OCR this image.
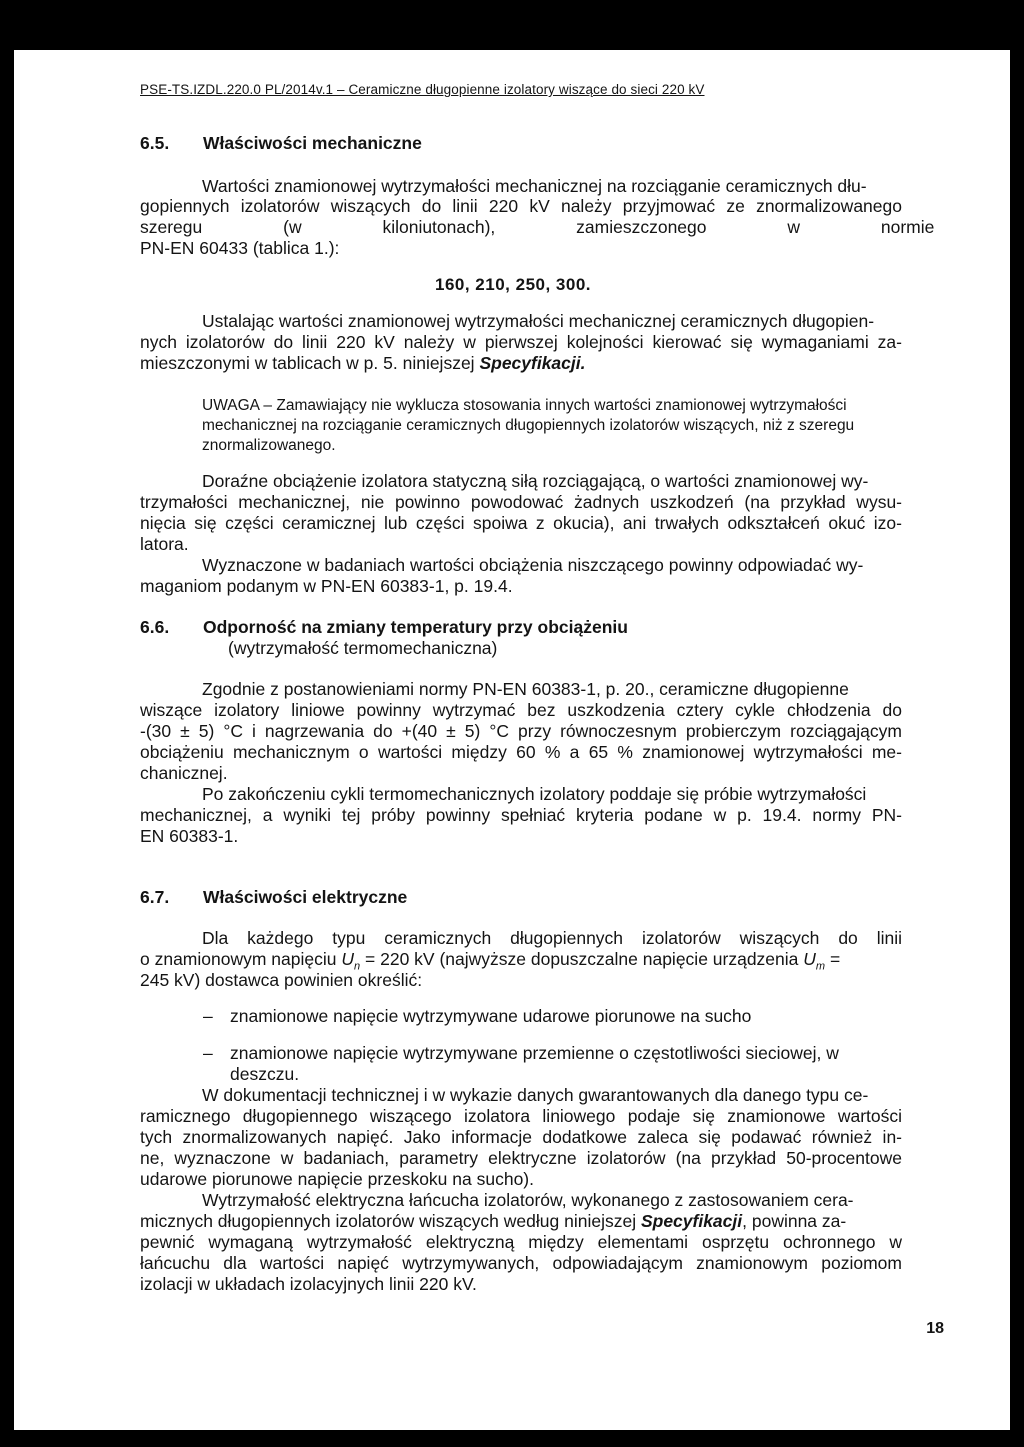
PSE-TS.IZDL.220.0 PL/2014v.1 – Ceramiczne długopienne izolatory wiszące do sieci 220 kV
6.5. Właściwości mechaniczne
Wartości znamionowej wytrzymałości mechanicznej na rozciąganie ceramicznych dłu-
gopiennych izolatorów wiszących do linii 220 kV należy przyjmować ze znormalizowanego
szeregu (w kiloniutonach), zamieszczonego w normie
PN-EN 60433 (tablica 1.):
160, 210, 250, 300.
Ustalając wartości znamionowej wytrzymałości mechanicznej ceramicznych długopien-
nych izolatorów do linii 220 kV należy w pierwszej kolejności kierować się wymaganiami za-
mieszczonymi w tablicach w p. 5. niniejszej Specyfikacji.
UWAGA – Zamawiający nie wyklucza stosowania innych wartości znamionowej wytrzymałości
mechanicznej na rozciąganie ceramicznych długopiennych izolatorów wiszących, niż z szeregu
znormalizowanego.
Doraźne obciążenie izolatora statyczną siłą rozciągającą, o wartości znamionowej wy-
trzymałości mechanicznej, nie powinno powodować żadnych uszkodzeń (na przykład wysu-
nięcia się części ceramicznej lub części spoiwa z okucia), ani trwałych odkształceń okuć izo-
latora.
Wyznaczone w badaniach wartości obciążenia niszczącego powinny odpowiadać wy-
maganiom podanym w PN-EN 60383-1, p. 19.4.
6.6. Odporność na zmiany temperatury przy obciążeniu
(wytrzymałość termomechaniczna)
Zgodnie z postanowieniami normy PN-EN 60383-1, p. 20., ceramiczne długopienne
wiszące izolatory liniowe powinny wytrzymać bez uszkodzenia cztery cykle chłodzenia do
-(30 ± 5) °C i nagrzewania do +(40 ± 5) °C przy równoczesnym probierczym rozciągającym
obciążeniu mechanicznym o wartości między 60 % a 65 % znamionowej wytrzymałości me-
chanicznej.
Po zakończeniu cykli termomechanicznych izolatory poddaje się próbie wytrzymałości
mechanicznej, a wyniki tej próby powinny spełniać kryteria podane w p. 19.4. normy PN-
EN 60383-1.
6.7. Właściwości elektryczne
Dla każdego typu ceramicznych długopiennych izolatorów wiszących do linii
o znamionowym napięciu $U_n = 220$ kV (najwyższe dopuszczalne napięcie urządzenia $U_m$ =
245 kV) dostawca powinien określić:
– znamionowe napięcie wytrzymywane udarowe piorunowe na sucho
– znamionowe napięcie wytrzymywane przemienne o częstotliwości sieciowej, w
deszczu.
W dokumentacji technicznej i w wykazie danych gwarantowanych dla danego typu ce-
ramicznego długopiennego wiszącego izolatora liniowego podaje się znamionowe wartości
tych znormalizowanych napięć. Jako informacje dodatkowe zaleca się podawać również in-
ne, wyznaczone w badaniach, parametry elektryczne izolatorów (na przykład 50-procentowe
udarowe piorunowe napięcie przeskoku na sucho).
Wytrzymałość elektryczna łańcucha izolatorów, wykonanego z zastosowaniem cera-
micznych długopiennych izolatorów wiszących według niniejszej Specyfikacji, powinna za-
pewnić wymaganą wytrzymałość elektryczną między elementami osprzętu ochronnego w
łańcuchu dla wartości napięć wytrzymywanych, odpowiadającym znamionowym poziomom
izolacji w układach izolacyjnych linii 220 kV.
18
